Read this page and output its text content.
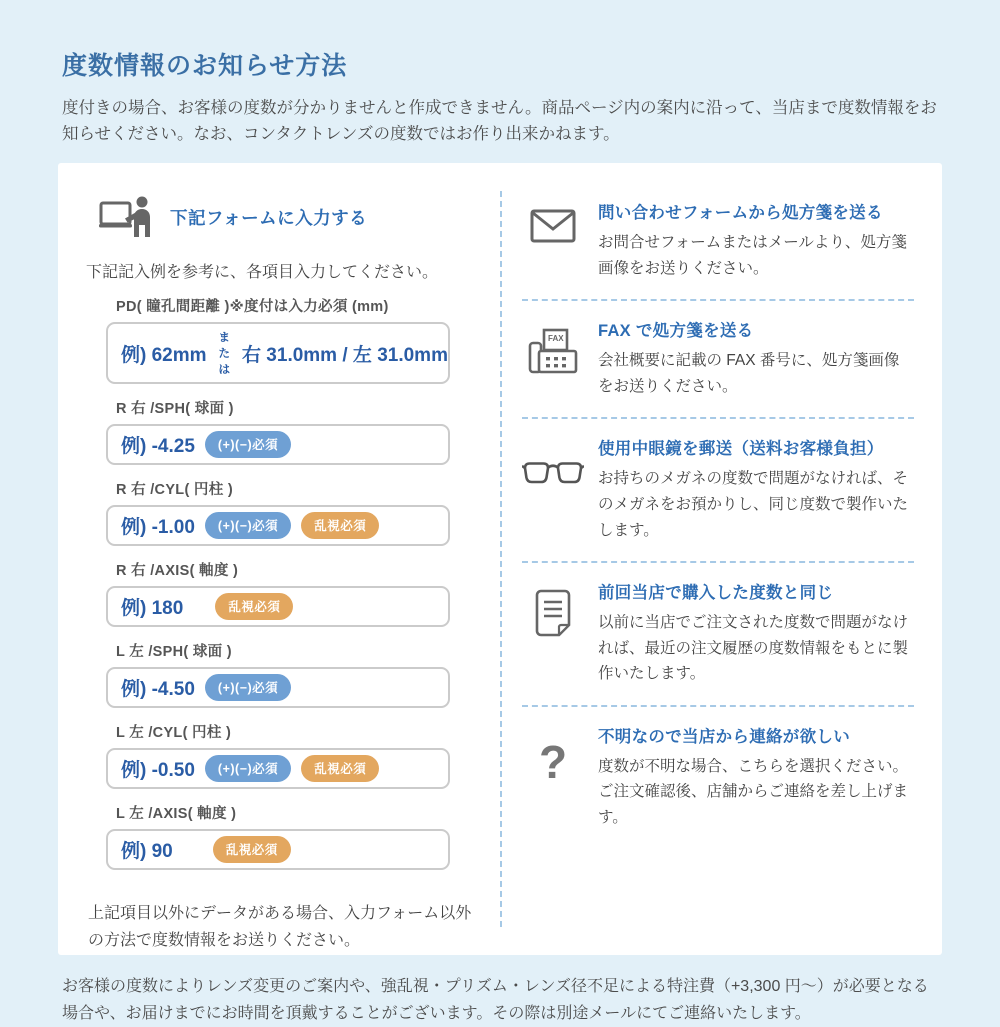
度数情報のお知らせ方法

度付きの場合、お客様の度数が分かりませんと作成できません。商品ページ内の案内に沿って、当店まで度数情報をお知らせください。なお、コンタクトレンズの度数ではお作り出来かねます。

下記フォームに入力する

下記記入例を参考に、各項目入力してください。

PD( 瞳孔間距離 )※度付は入力必須 (mm)
例) 62mm
または
右 31.0mm / 左 31.0mm
R 右 /SPH( 球面 )
例) -4.25	(+)(−)必須
R 右 /CYL( 円柱 )
例) -1.00	(+)(−)必須	乱視必須
R 右 /AXIS( 軸度 )
例) 180	乱視必須
L 左 /SPH( 球面 )
例) -4.50	(+)(−)必須
L 左 /CYL( 円柱 )
例) -0.50	(+)(−)必須	乱視必須
L 左 /AXIS( 軸度 )
例) 90	乱視必須

上記項目以外にデータがある場合、入力フォーム以外の方法で度数情報をお送りください。

問い合わせフォームから処方箋を送る
お問合せフォームまたはメールより、処方箋画像をお送りください。
FAX FAX で処方箋を送る
会社概要に記載の FAX 番号に、処方箋画像をお送りください。
使用中眼鏡を郵送（送料お客様負担）
お持ちのメガネの度数で問題がなければ、そのメガネをお預かりし、同じ度数で製作いたします。
前回当店で購入した度数と同じ
以前に当店でご注文された度数で問題がなければ、最近の注文履歴の度数情報をもとに製作いたします。
? 不明なので当店から連絡が欲しい
度数が不明な場合、こちらを選択ください。ご注文確認後、店舗からご連絡を差し上げます。

お客様の度数によりレンズ変更のご案内や、強乱視・プリズム・レンズ径不足による特注費（+3,300 円〜）が必要となる場合や、お届けまでにお時間を頂戴することがございます。その際は別途メールにてご連絡いたします。
